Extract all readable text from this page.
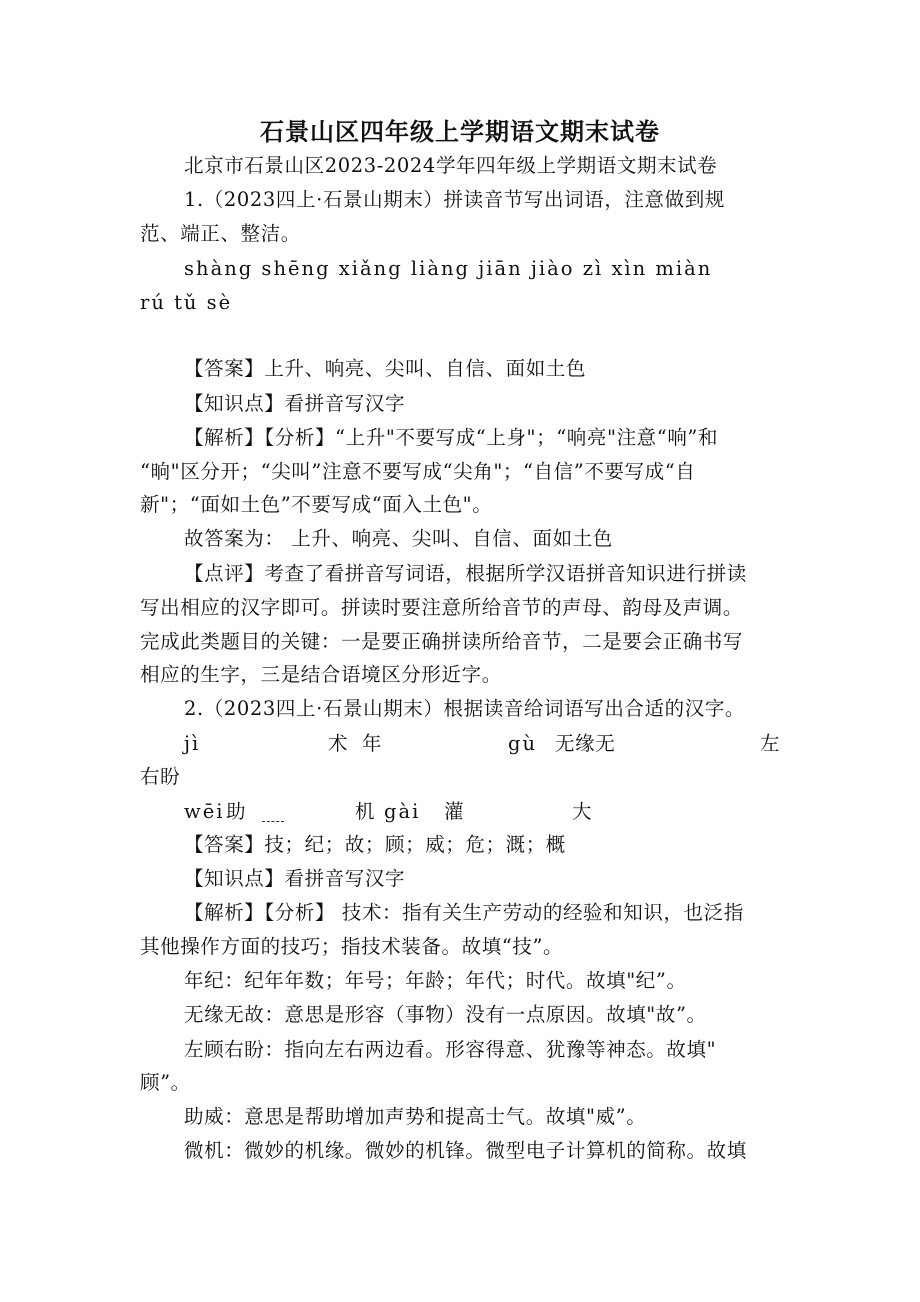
石景山区四年级上学期语文期末试卷
北京市石景山区2023-2024学年四年级上学期语文期末试卷
1.（2023四上·石景山期末）拼读音节写出词语，注意做到规
范、端正、整洁。
shàng shēng xiǎng liàng jiān jiào zì xìn miàn
rú tǔ sè
【答案】上升、响亮、尖叫、自信、面如土色
【知识点】看拼音写汉字
【解析】【分析】“上升"不要写成“上身"；“响亮"注意“响”和
“晌"区分开；“尖叫”注意不要写成“尖角"；“自信”不要写成“自
新"；“面如土色”不要写成“面入土色"。
故答案为： 上升、响亮、尖叫、自信、面如土色
【点评】考查了看拼音写词语，根据所学汉语拼音知识进行拼读
写出相应的汉字即可。拼读时要注意所给音节的声母、韵母及声调。
完成此类题目的关键：一是要正确拼读所给音节，二是要会正确书写
相应的生字，三是结合语境区分形近字。
2.（2023四上·石景山期末）根据读音给词语写出合适的汉字。
jì	术 年	gù 无缘无	左
右盼
wēi 助	机 gài 灌	大
【答案】技；纪；故；顾；威；危；溉；概
【知识点】看拼音写汉字
【解析】【分析】 技术：指有关生产劳动的经验和知识，也泛指
其他操作方面的技巧；指技术装备。故填“技”。
年纪：纪年年数；年号；年龄；年代；时代。故填"纪”。
无缘无故：意思是形容（事物）没有一点原因。故填"故”。
左顾右盼：指向左右两边看。形容得意、犹豫等神态。故填"
顾”。
助威：意思是帮助增加声势和提高士气。故填"威”。
微机：微妙的机缘。微妙的机锋。微型电子计算机的简称。故填
